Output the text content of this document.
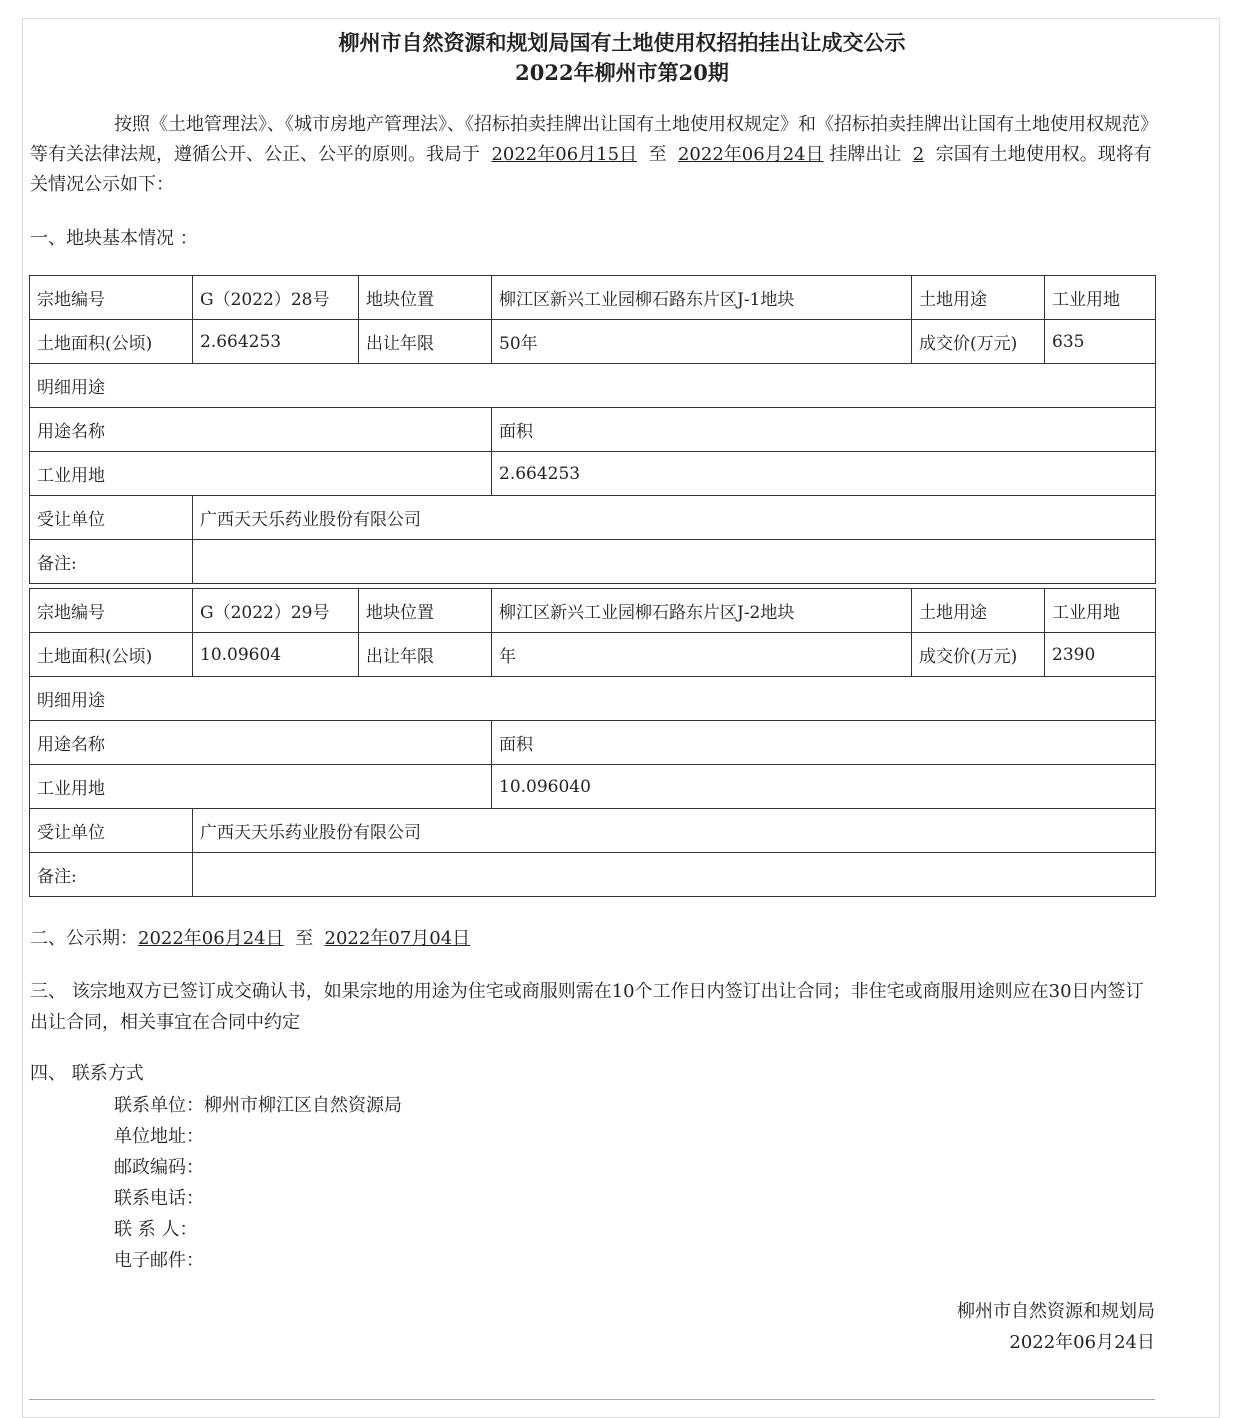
柳州市自然资源和规划局国有土地使用权招拍挂出让成交公示
2022年柳州市第20期
按照《土地管理法》、《城市房地产管理法》、《招标拍卖挂牌出让国有土地使用权规定》和《招标拍卖挂牌出让国有土地使用权规范》等有关法律法规，遵循公开、公正、公平的原则。我局于 2022年06月15日 至 2022年06月24日 挂牌出让 2 宗国有土地使用权。现将有关情况公示如下：
一、地块基本情况 ：
宗地编号	G（2022）28号	地块位置	柳江区新兴工业园柳石路东片区J-1地块	土地用途	工业用地
土地面积(公顷)	2.664253	出让年限	50年	成交价(万元)	635
明细用途					
用途名称			面积		
工业用地			2.664253		
受让单位	广西天天乐药业股份有限公司				
备注:					
宗地编号	G（2022）29号	地块位置	柳江区新兴工业园柳石路东片区J-2地块	土地用途	工业用地
土地面积(公顷)	10.09604	出让年限	年	成交价(万元)	2390
明细用途					
用途名称			面积		
工业用地			10.096040		
受让单位	广西天天乐药业股份有限公司				
备注:					
二、公示期：2022年06月24日 至 2022年07月04日
三、 该宗地双方已签订成交确认书，如果宗地的用途为住宅或商服则需在10个工作日内签订出让合同；非住宅或商服用途则应在30日内签订出让合同，相关事宜在合同中约定
四、 联系方式
联系单位：柳州市柳江区自然资源局
单位地址：
邮政编码：
联系电话：
联 系 人：
电子邮件：
柳州市自然资源和规划局
2022年06月24日
